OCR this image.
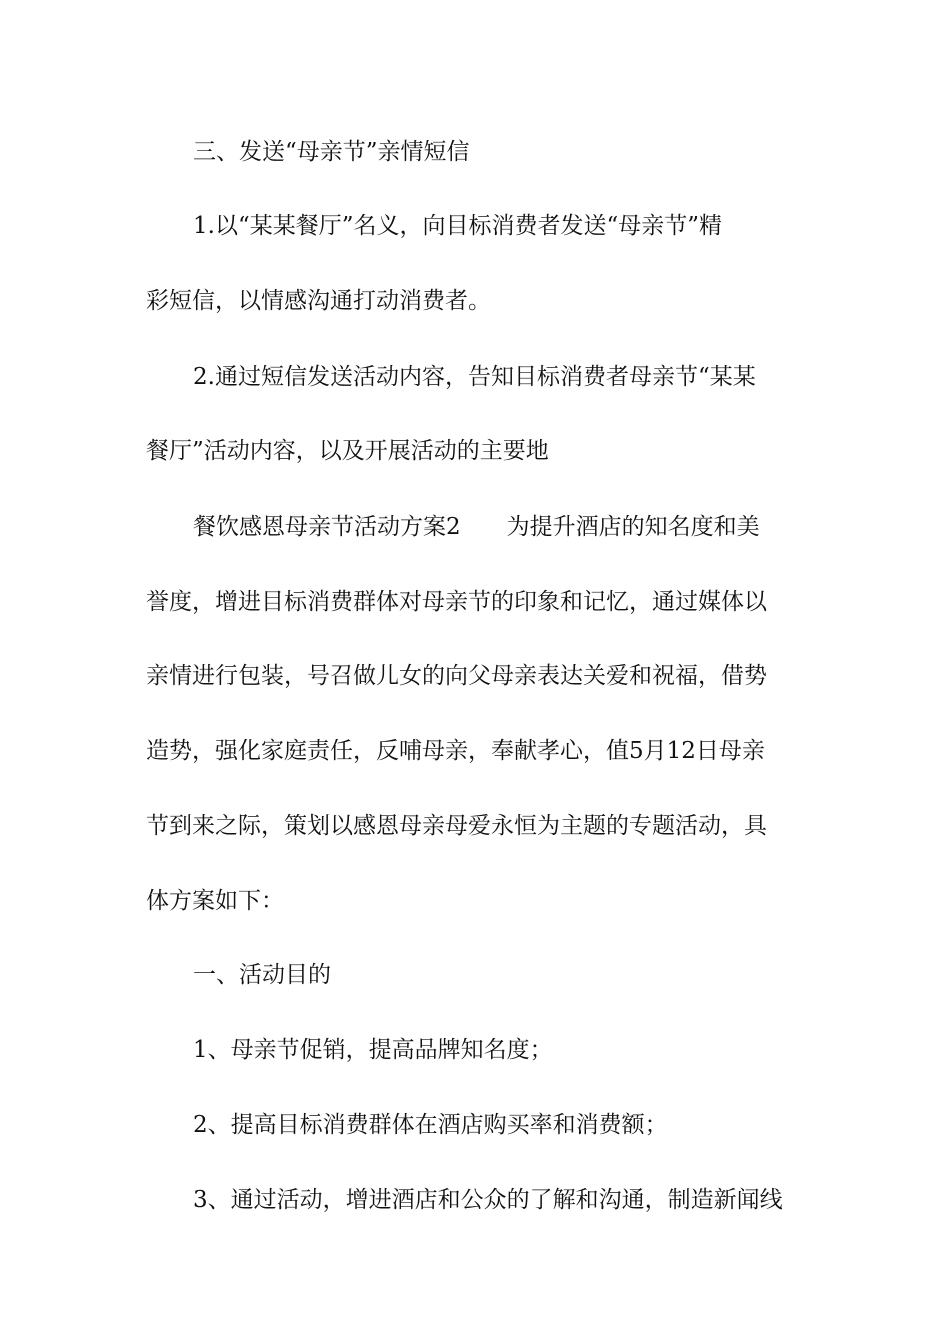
三、发送“母亲节”亲情短信
1.以“某某餐厅”名义，向目标消费者发送“母亲节”精
彩短信，以情感沟通打动消费者。
2.通过短信发送活动内容，告知目标消费者母亲节“某某
餐厅”活动内容，以及开展活动的主要地
餐饮感恩母亲节活动方案2 为提升酒店的知名度和美
誉度，增进目标消费群体对母亲节的印象和记忆，通过媒体以
亲情进行包装，号召做儿女的向父母亲表达关爱和祝福，借势
造势，强化家庭责任，反哺母亲，奉献孝心，值5月12日母亲
节到来之际，策划以感恩母亲母爱永恒为主题的专题活动，具
体方案如下：
一、活动目的
1、母亲节促销，提高品牌知名度；
2、提高目标消费群体在酒店购买率和消费额；
3、通过活动，增进酒店和公众的了解和沟通，制造新闻线
